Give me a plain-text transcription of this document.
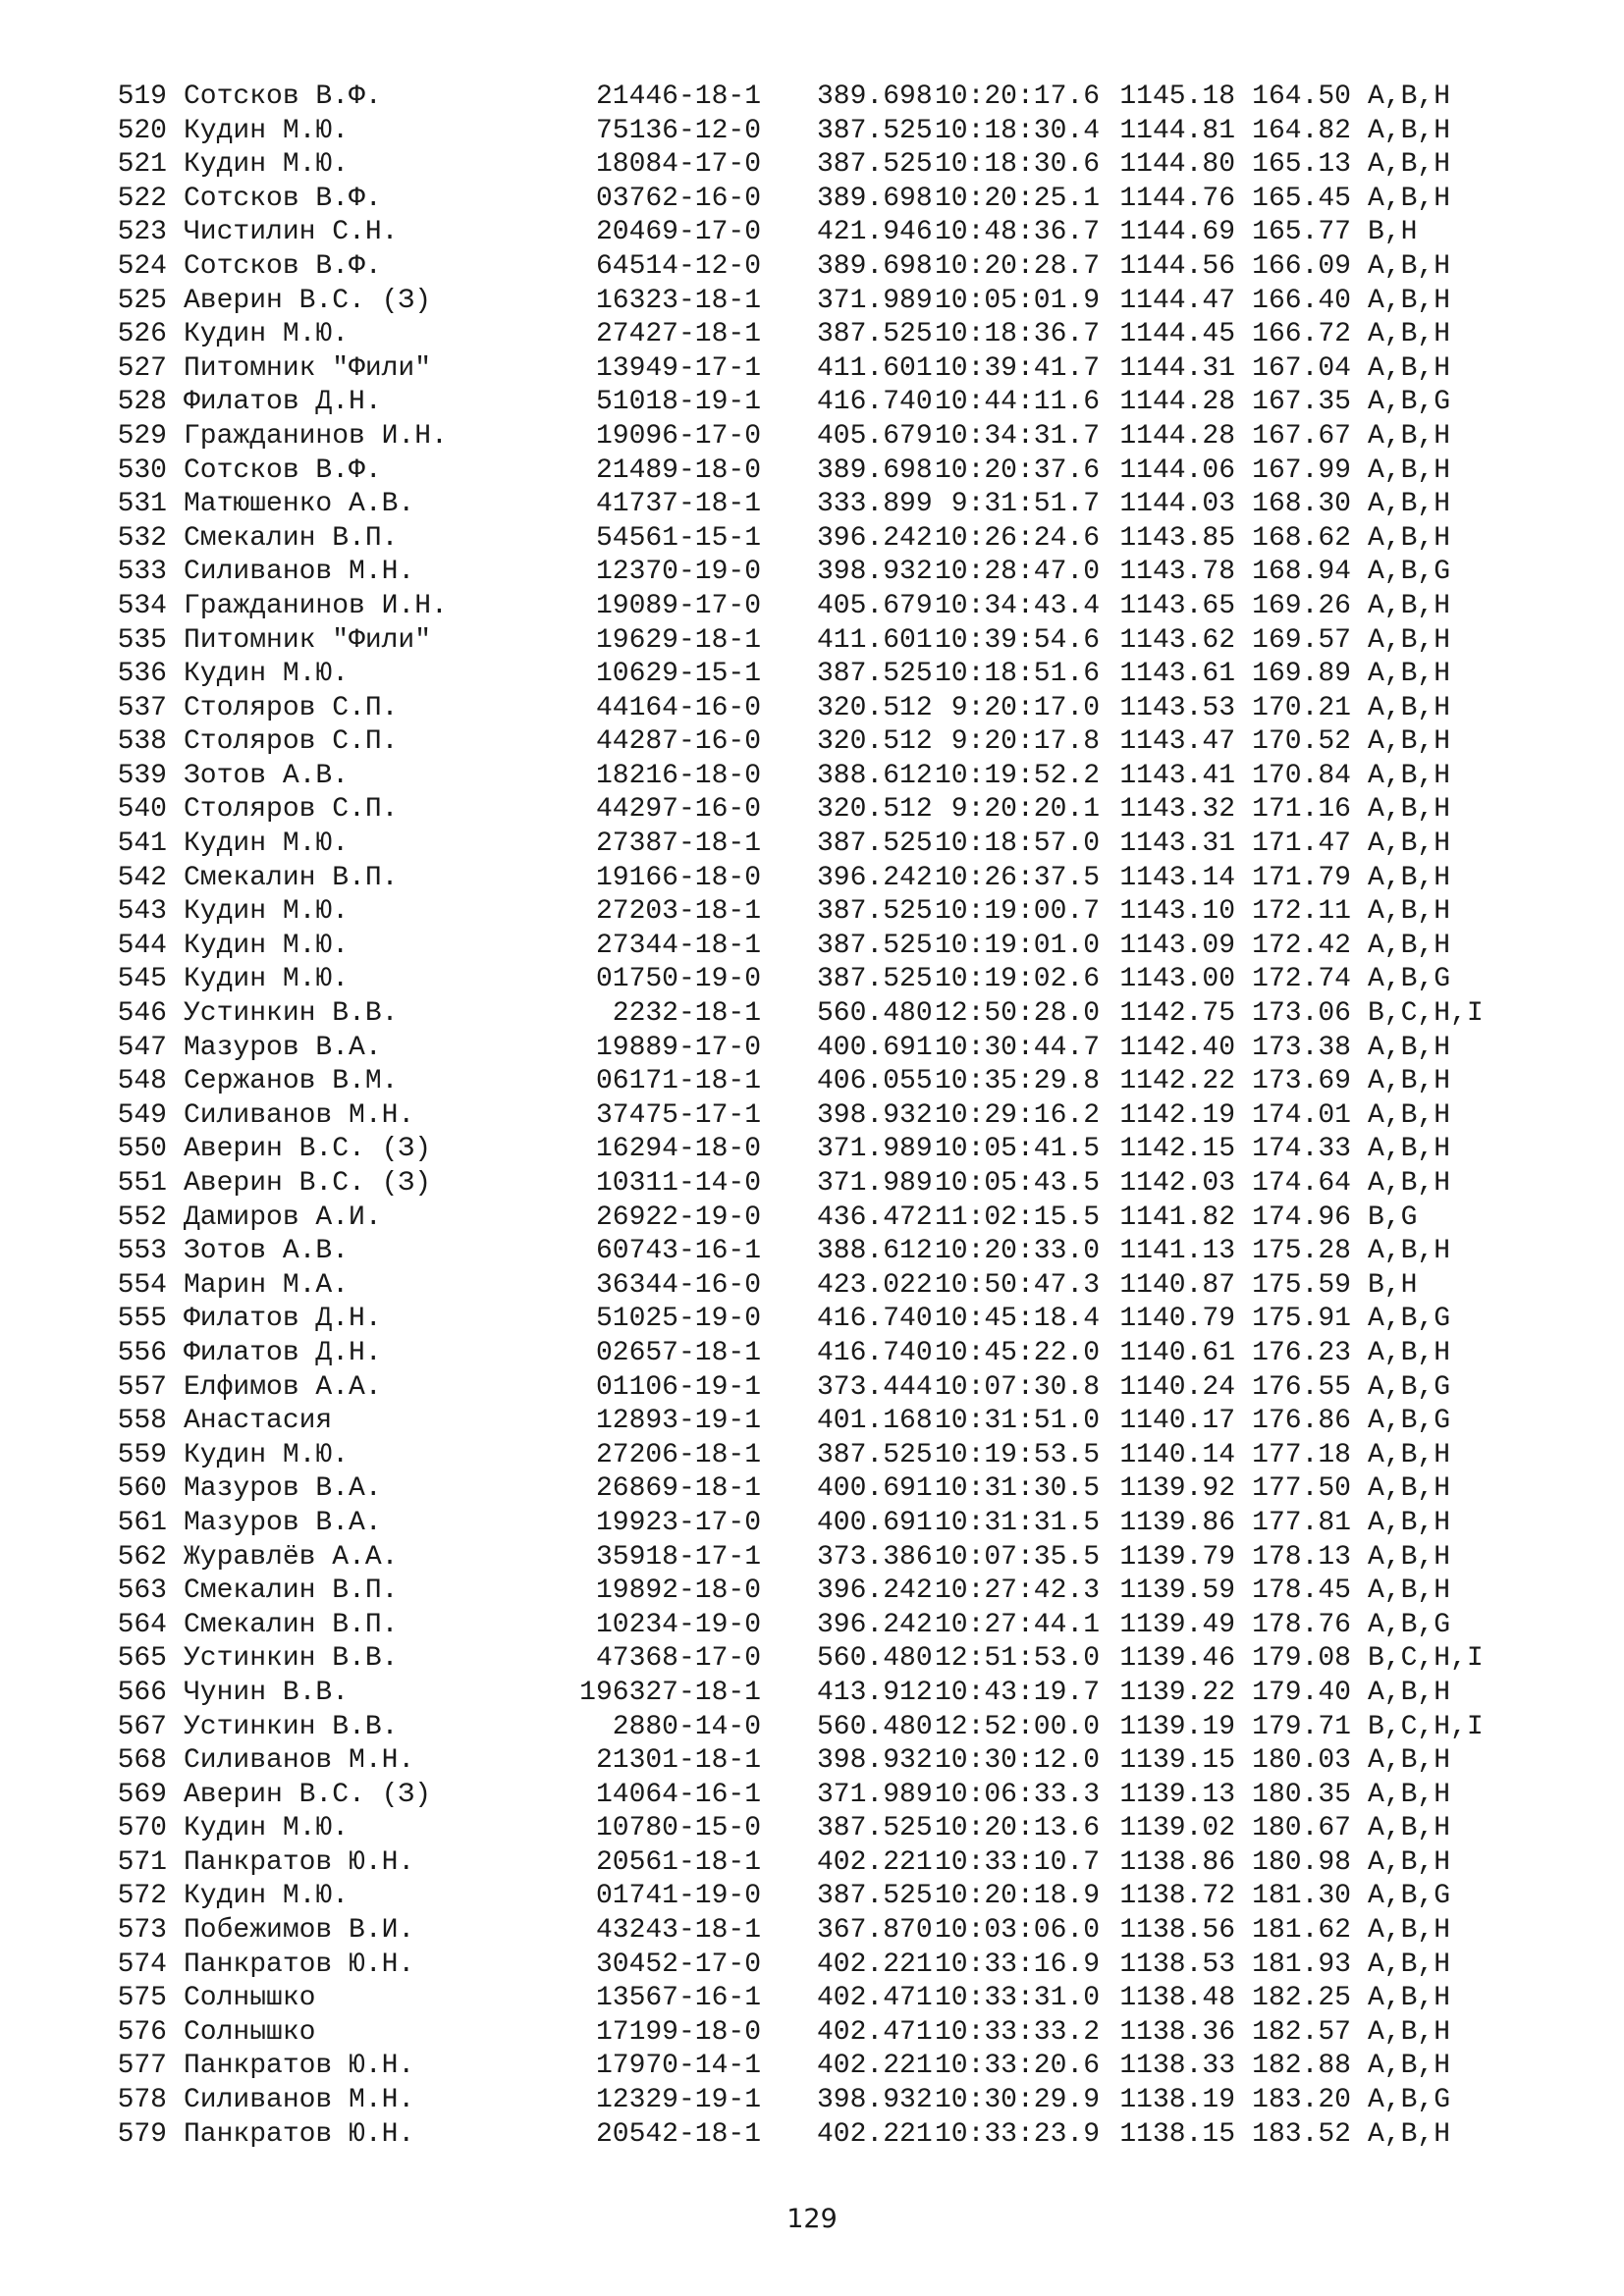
519 Сотсков В.Ф.	21446-18-1 389.69810:20:17.6 1145.18 164.50 A,B,H
520 Кудин М.Ю.	75136-12-0 387.52510:18:30.4 1144.81 164.82 A,B,H
521 Кудин М.Ю.	18084-17-0 387.52510:18:30.6 1144.80 165.13 A,B,H
522 Сотсков В.Ф.	03762-16-0 389.69810:20:25.1 1144.76 165.45 A,B,H
523 Чистилин С.Н.	20469-17-0 421.94610:48:36.7 1144.69 165.77 B,H
524 Сотсков В.Ф.	64514-12-0 389.69810:20:28.7 1144.56 166.09 A,B,H
525 Аверин В.С. (З)	16323-18-1 371.98910:05:01.9 1144.47 166.40 A,B,H
526 Кудин М.Ю.	27427-18-1 387.52510:18:36.7 1144.45 166.72 A,B,H
527 Питомник "Фили"	13949-17-1 411.60110:39:41.7 1144.31 167.04 A,B,H
528 Филатов Д.Н.	51018-19-1 416.74010:44:11.6 1144.28 167.35 A,B,G
529 Гражданинов И.Н.	19096-17-0 405.67910:34:31.7 1144.28 167.67 A,B,H
530 Сотсков В.Ф.	21489-18-0 389.69810:20:37.6 1144.06 167.99 A,B,H
531 Матюшенко А.В.	41737-18-1 333.899 9:31:51.7 1144.03 168.30 A,B,H
532 Смекалин В.П.	54561-15-1 396.24210:26:24.6 1143.85 168.62 A,B,H
533 Силиванов М.Н.	12370-19-0 398.93210:28:47.0 1143.78 168.94 A,B,G
534 Гражданинов И.Н.	19089-17-0 405.67910:34:43.4 1143.65 169.26 A,B,H
535 Питомник "Фили"	19629-18-1 411.60110:39:54.6 1143.62 169.57 A,B,H
536 Кудин М.Ю.	10629-15-1 387.52510:18:51.6 1143.61 169.89 A,B,H
537 Столяров С.П.	44164-16-0 320.512 9:20:17.0 1143.53 170.21 A,B,H
538 Столяров С.П.	44287-16-0 320.512 9:20:17.8 1143.47 170.52 A,B,H
539 Зотов А.В.	18216-18-0 388.61210:19:52.2 1143.41 170.84 A,B,H
540 Столяров С.П.	44297-16-0 320.512 9:20:20.1 1143.32 171.16 A,B,H
541 Кудин М.Ю.	27387-18-1 387.52510:18:57.0 1143.31 171.47 A,B,H
542 Смекалин В.П.	19166-18-0 396.24210:26:37.5 1143.14 171.79 A,B,H
543 Кудин М.Ю.	27203-18-1 387.52510:19:00.7 1143.10 172.11 A,B,H
544 Кудин М.Ю.	27344-18-1 387.52510:19:01.0 1143.09 172.42 A,B,H
545 Кудин М.Ю.	01750-19-0 387.52510:19:02.6 1143.00 172.74 A,B,G
546 Устинкин В.В.	2232-18-1 560.48012:50:28.0 1142.75 173.06 B,C,H,I
547 Мазуров В.А.	19889-17-0 400.69110:30:44.7 1142.40 173.38 A,B,H
548 Сержанов В.М.	06171-18-1 406.05510:35:29.8 1142.22 173.69 A,B,H
549 Силиванов М.Н.	37475-17-1 398.93210:29:16.2 1142.19 174.01 A,B,H
550 Аверин В.С. (З)	16294-18-0 371.98910:05:41.5 1142.15 174.33 A,B,H
551 Аверин В.С. (З)	10311-14-0 371.98910:05:43.5 1142.03 174.64 A,B,H
552 Дамиров А.И.	26922-19-0 436.47211:02:15.5 1141.82 174.96 B,G
553 Зотов А.В.	60743-16-1 388.61210:20:33.0 1141.13 175.28 A,B,H
554 Марин М.А.	36344-16-0 423.02210:50:47.3 1140.87 175.59 B,H
555 Филатов Д.Н.	51025-19-0 416.74010:45:18.4 1140.79 175.91 A,B,G
556 Филатов Д.Н.	02657-18-1 416.74010:45:22.0 1140.61 176.23 A,B,H
557 Елфимов А.А.	01106-19-1 373.44410:07:30.8 1140.24 176.55 A,B,G
558 Анастасия	12893-19-1 401.16810:31:51.0 1140.17 176.86 A,B,G
559 Кудин М.Ю.	27206-18-1 387.52510:19:53.5 1140.14 177.18 A,B,H
560 Мазуров В.А.	26869-18-1 400.69110:31:30.5 1139.92 177.50 A,B,H
561 Мазуров В.А.	19923-17-0 400.69110:31:31.5 1139.86 177.81 A,B,H
562 Журавлёв А.А.	35918-17-1 373.38610:07:35.5 1139.79 178.13 A,B,H
563 Смекалин В.П.	19892-18-0 396.24210:27:42.3 1139.59 178.45 A,B,H
564 Смекалин В.П.	10234-19-0 396.24210:27:44.1 1139.49 178.76 A,B,G
565 Устинкин В.В.	47368-17-0 560.48012:51:53.0 1139.46 179.08 B,C,H,I
566 Чунин В.В.	196327-18-1 413.91210:43:19.7 1139.22 179.40 A,B,H
567 Устинкин В.В.	2880-14-0 560.48012:52:00.0 1139.19 179.71 B,C,H,I
568 Силиванов М.Н.	21301-18-1 398.93210:30:12.0 1139.15 180.03 A,B,H
569 Аверин В.С. (З)	14064-16-1 371.98910:06:33.3 1139.13 180.35 A,B,H
570 Кудин М.Ю.	10780-15-0 387.52510:20:13.6 1139.02 180.67 A,B,H
571 Панкратов Ю.Н.	20561-18-1 402.22110:33:10.7 1138.86 180.98 A,B,H
572 Кудин М.Ю.	01741-19-0 387.52510:20:18.9 1138.72 181.30 A,B,G
573 Побежимов В.И.	43243-18-1 367.87010:03:06.0 1138.56 181.62 A,B,H
574 Панкратов Ю.Н.	30452-17-0 402.22110:33:16.9 1138.53 181.93 A,B,H
575 Солнышко	13567-16-1 402.47110:33:31.0 1138.48 182.25 A,B,H
576 Солнышко	17199-18-0 402.47110:33:33.2 1138.36 182.57 A,B,H
577 Панкратов Ю.Н.	17970-14-1 402.22110:33:20.6 1138.33 182.88 A,B,H
578 Силиванов М.Н.	12329-19-1 398.93210:30:29.9 1138.19 183.20 A,B,G
579 Панкратов Ю.Н.	20542-18-1 402.22110:33:23.9 1138.15 183.52 A,B,H
129
